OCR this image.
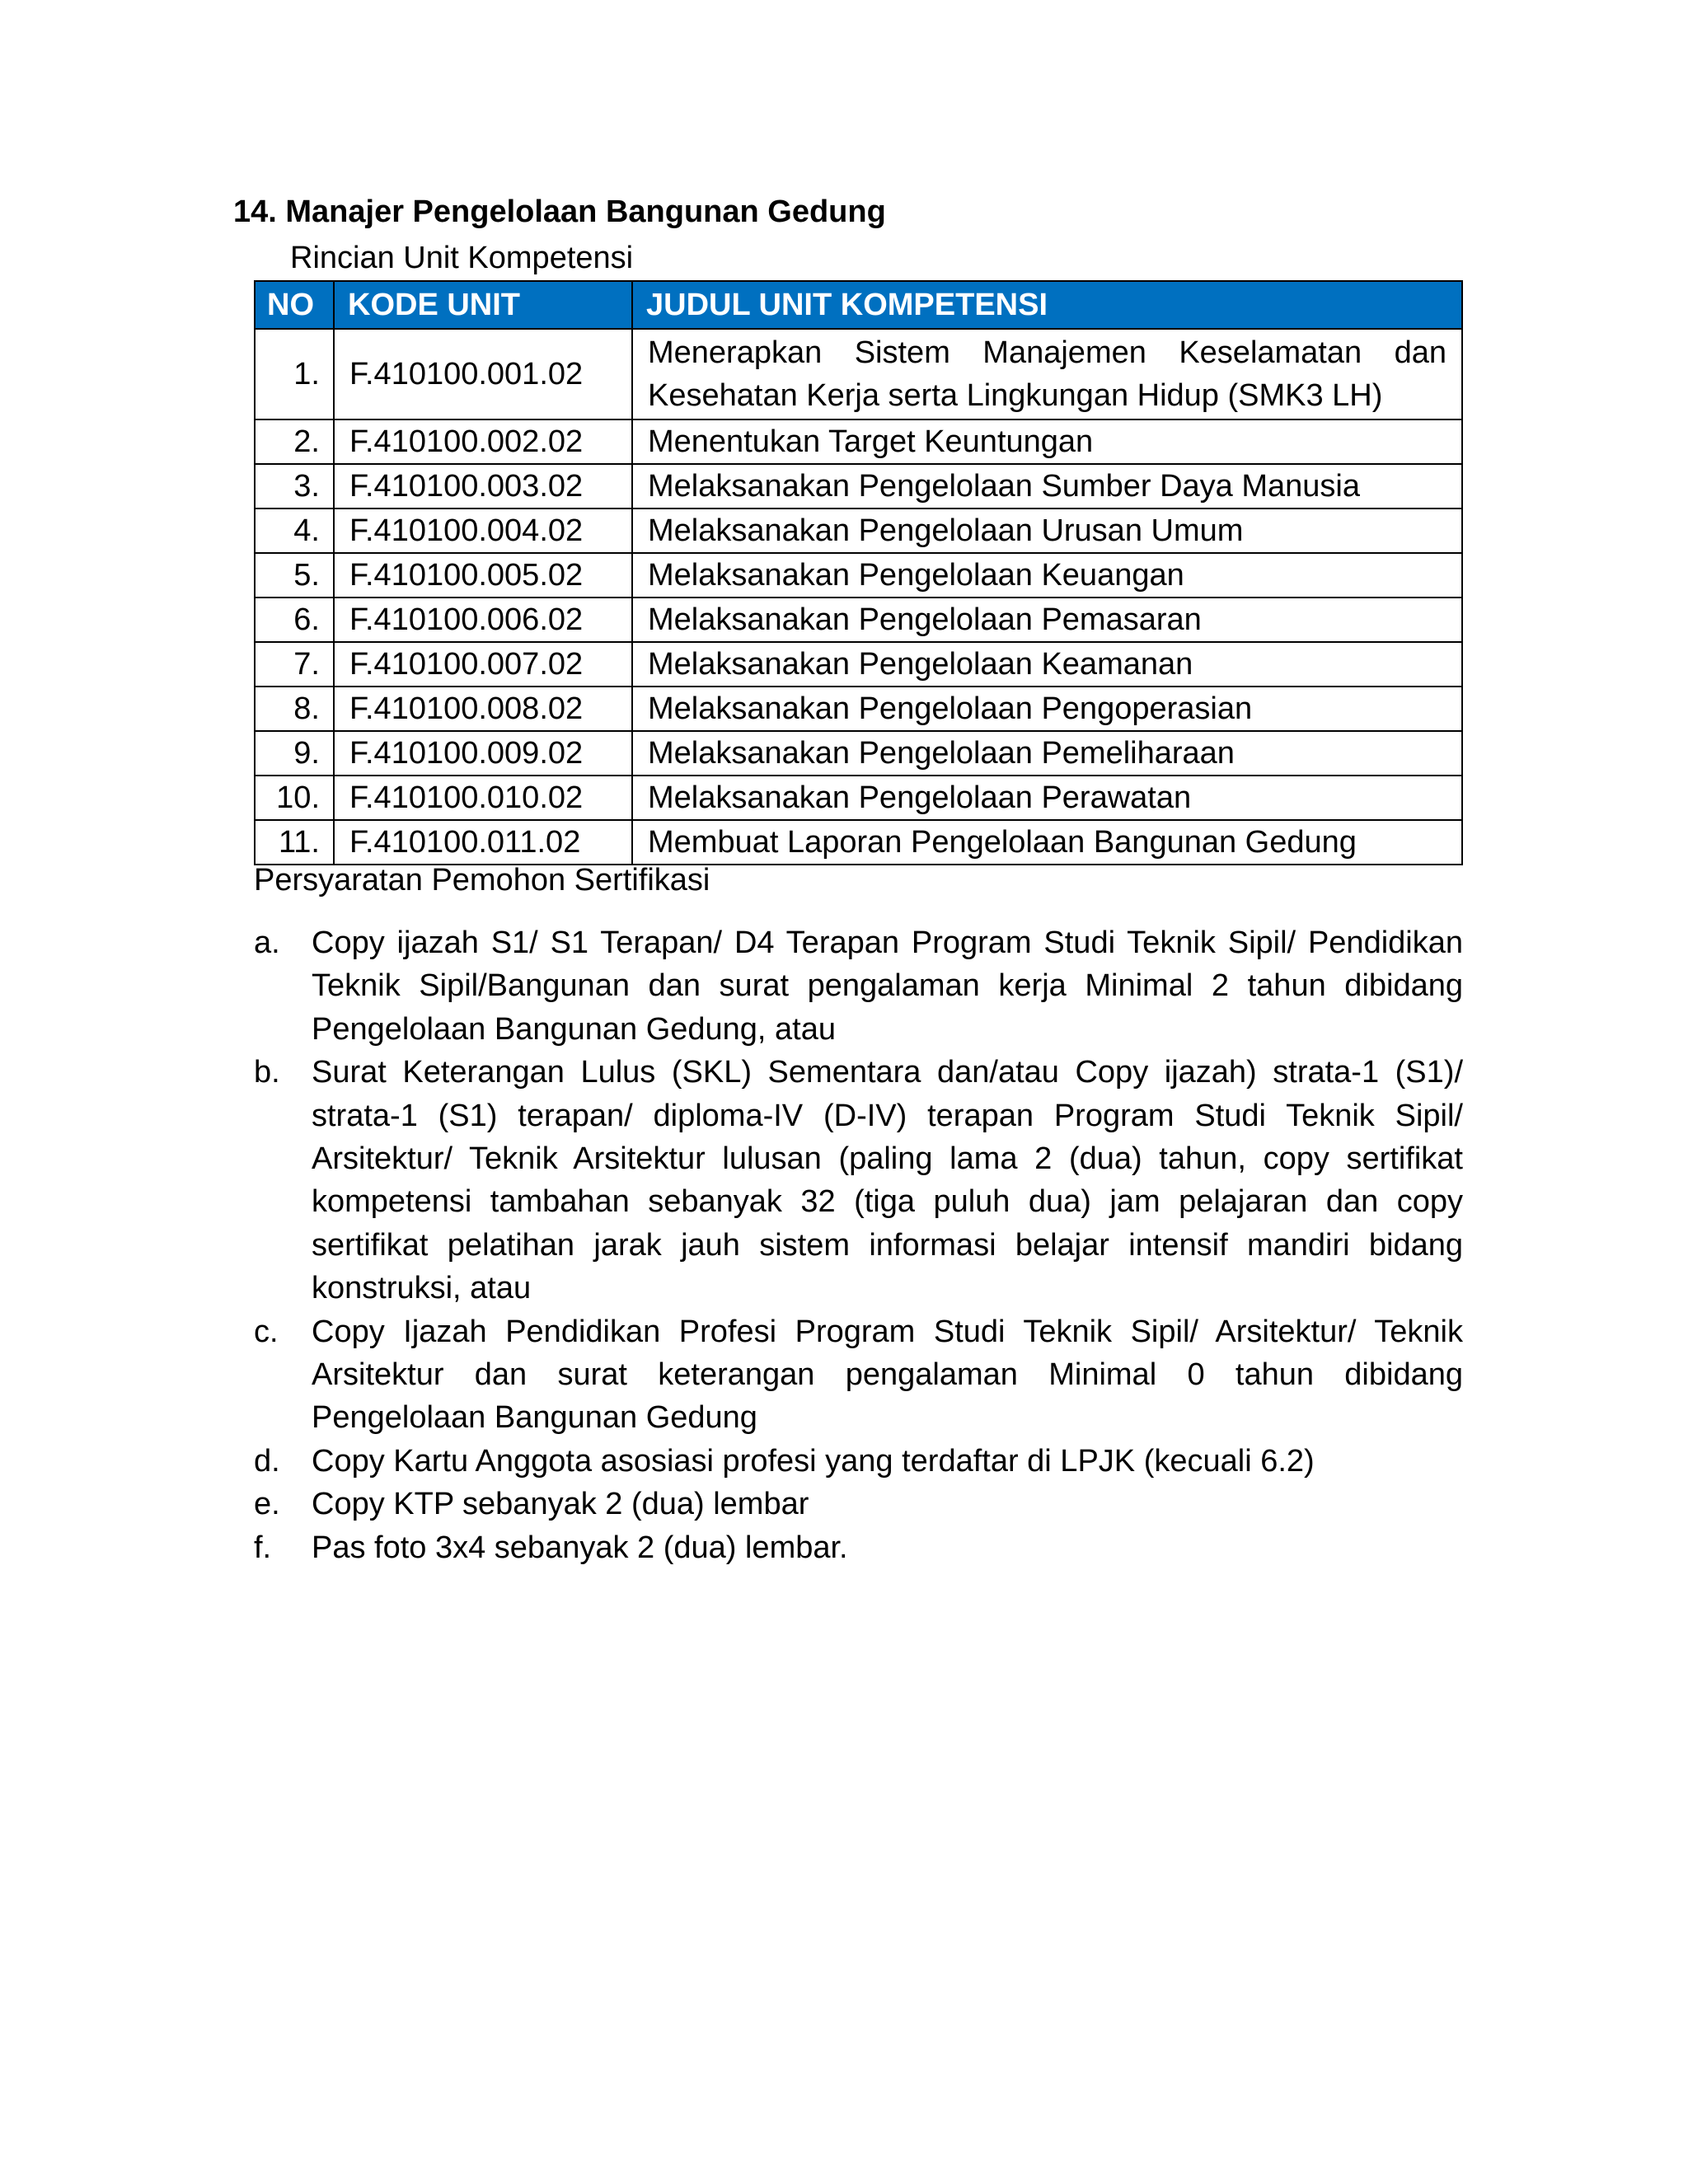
14. Manajer Pengelolaan Bangunan Gedung
Rincian Unit Kompetensi
NO	KODE UNIT	JUDUL UNIT KOMPETENSI
1.	F.410100.001.02	Menerapkan Sistem Manajemen Keselamatan dan Kesehatan Kerja serta Lingkungan Hidup (SMK3 LH)
2.	F.410100.002.02	Menentukan Target Keuntungan
3.	F.410100.003.02	Melaksanakan Pengelolaan Sumber Daya Manusia
4.	F.410100.004.02	Melaksanakan Pengelolaan Urusan Umum
5.	F.410100.005.02	Melaksanakan Pengelolaan Keuangan
6.	F.410100.006.02	Melaksanakan Pengelolaan Pemasaran
7.	F.410100.007.02	Melaksanakan Pengelolaan Keamanan
8.	F.410100.008.02	Melaksanakan Pengelolaan Pengoperasian
9.	F.410100.009.02	Melaksanakan Pengelolaan Pemeliharaan
10.	F.410100.010.02	Melaksanakan Pengelolaan Perawatan
11.	F.410100.011.02	Membuat Laporan Pengelolaan Bangunan Gedung
Persyaratan Pemohon Sertifikasi
a. Copy ijazah S1/ S1 Terapan/ D4 Terapan Program Studi Teknik Sipil/ Pendidikan Teknik Sipil/Bangunan dan surat pengalaman kerja Minimal 2 tahun dibidang Pengelolaan Bangunan Gedung, atau
b. Surat Keterangan Lulus (SKL) Sementara dan/atau Copy ijazah) strata-1 (S1)/ strata-1 (S1) terapan/ diploma-IV (D-IV) terapan Program Studi Teknik Sipil/ Arsitektur/ Teknik Arsitektur lulusan (paling lama 2 (dua) tahun, copy sertifikat kompetensi tambahan sebanyak 32 (tiga puluh dua) jam pelajaran dan copy sertifikat pelatihan jarak jauh sistem informasi belajar intensif mandiri bidang konstruksi, atau
c. Copy Ijazah Pendidikan Profesi Program Studi Teknik Sipil/ Arsitektur/ Teknik Arsitektur dan surat keterangan pengalaman Minimal 0 tahun dibidang Pengelolaan Bangunan Gedung
d. Copy Kartu Anggota asosiasi profesi yang terdaftar di LPJK (kecuali 6.2)
e. Copy KTP sebanyak 2 (dua) lembar
f. Pas foto 3x4 sebanyak 2 (dua) lembar.
